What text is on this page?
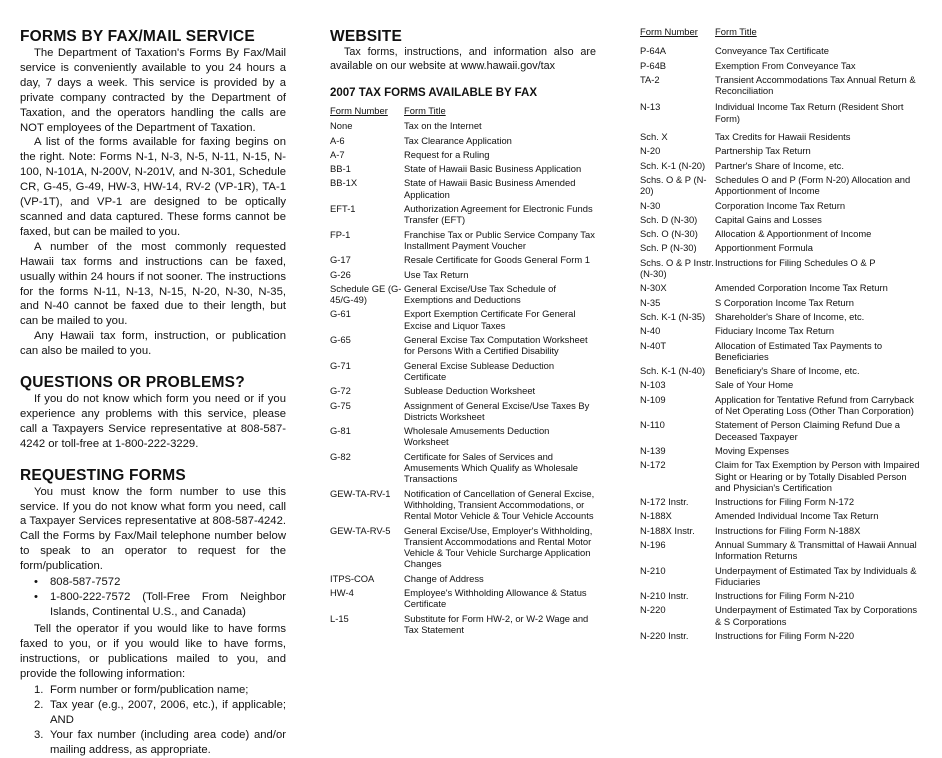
FORMS BY FAX/MAIL SERVICE

The Department of Taxation's Forms By Fax/Mail service is conveniently available to you 24 hours a day, 7 days a week. This service is provided by a private company contracted by the Department of Taxation, and the operators handling the calls are NOT employees of the Department of Taxation.

A list of the forms available for faxing begins on the right. Note: Forms N-1, N-3, N-5, N-11, N-15, N-100, N-101A, N-200V, N-201V, and N-301, Schedule CR, G-45, G-49, HW-3, HW-14, RV-2 (VP-1R), TA-1 (VP-1T), and VP-1 are designed to be optically scanned and data captured. These forms cannot be faxed, but can be mailed to you.

A number of the most commonly requested Hawaii tax forms and instructions can be faxed, usually within 24 hours if not sooner. The instructions for the forms N-11, N-13, N-15, N-20, N-30, N-35, and N-40 cannot be faxed due to their length, but can be mailed to you.

Any Hawaii tax form, instruction, or publication can also be mailed to you.

QUESTIONS OR PROBLEMS?

If you do not know which form you need or if you experience any problems with this service, please call a Taxpayers Service representative at 808-587-4242 or toll-free at 1-800-222-3229.

REQUESTING FORMS

You must know the form number to use this service. If you do not know what form you need, call a Taxpayer Services representative at 808-587-4242. Call the Forms by Fax/Mail telephone number below to speak to an operator to request for the form/publication.

• 808-587-7572
• 1-800-222-7572 (Toll-Free From Neighbor Islands, Continental U.S., and Canada)

Tell the operator if you would like to have forms faxed to you, or if you would like to have forms, instructions, or publications mailed to you, and provide the following information:

1. Form number or form/publication name;
2. Tax year (e.g., 2007, 2006, etc.), if applicable; AND
3. Your fax number (including area code) and/or mailing address, as appropriate.
WEBSITE

Tax forms, instructions, and information also are available on our website at www.hawaii.gov/tax

2007 TAX FORMS AVAILABLE BY FAX
Form Number	Form Title
None	Tax on the Internet
A-6	Tax Clearance Application
A-7	Request for a Ruling
BB-1	State of Hawaii Basic Business Application
BB-1X	State of Hawaii Basic Business Amended Application
EFT-1	Authorization Agreement for Electronic Funds Transfer (EFT)
FP-1	Franchise Tax or Public Service Company Tax Installment Payment Voucher
G-17	Resale Certificate for Goods General Form 1
G-26	Use Tax Return
Schedule GE (G-45/G-49)	General Excise/Use Tax Schedule of Exemptions and Deductions
G-61	Export Exemption Certificate For General Excise and Liquor Taxes
G-65	General Excise Tax Computation Worksheet for Persons With a Certified Disability
G-71	General Excise Sublease Deduction Certificate
G-72	Sublease Deduction Worksheet
G-75	Assignment of General Excise/Use Taxes By Districts Worksheet
G-81	Wholesale Amusements Deduction Worksheet
G-82	Certificate for Sales of Services and Amusements Which Qualify as Wholesale Transactions
GEW-TA-RV-1	Notification of Cancellation of General Excise, Withholding, Transient Accommodations, or Rental Motor Vehicle & Tour Vehicle Accounts
GEW-TA-RV-5	General Excise/Use, Employer's Withholding, Transient Accommodations and Rental Motor Vehicle & Tour Vehicle Surcharge Application Changes
ITPS-COA	Change of Address
HW-4	Employee's Withholding Allowance & Status Certificate
L-15	Substitute for Form HW-2, or W-2 Wage and Tax Statement
Form Number	Form Title
P-64A	Conveyance Tax Certificate
P-64B	Exemption From Conveyance Tax
TA-2	Transient Accommodations Tax Annual Return & Reconciliation
N-13	Individual Income Tax Return (Resident Short Form)
Sch. X	Tax Credits for Hawaii Residents
N-20	Partnership Tax Return
Sch. K-1 (N-20)	Partner's Share of Income, etc.
Schs. O & P (N-20)	Schedules O and P (Form N-20) Allocation and Apportionment of Income
N-30	Corporation Income Tax Return
Sch. D (N-30)	Capital Gains and Losses
Sch. O (N-30)	Allocation & Apportionment of Income
Sch. P (N-30)	Apportionment Formula
Schs. O & P Instr. (N-30)	Instructions for Filing Schedules O & P
N-30X	Amended Corporation Income Tax Return
N-35	S Corporation Income Tax Return
Sch. K-1 (N-35)	Shareholder's Share of Income, etc.
N-40	Fiduciary Income Tax Return
N-40T	Allocation of Estimated Tax Payments to Beneficiaries
Sch. K-1 (N-40)	Beneficiary's Share of Income, etc.
N-103	Sale of Your Home
N-109	Application for Tentative Refund from Carryback of Net Operating Loss (Other Than Corporation)
N-110	Statement of Person Claiming Refund Due a Deceased Taxpayer
N-139	Moving Expenses
N-172	Claim for Tax Exemption by Person with Impaired Sight or Hearing or by Totally Disabled Person and Physician's Certification
N-172 Instr.	Instructions for Filing Form N-172
N-188X	Amended Individual Income Tax Return
N-188X Instr.	Instructions for Filing Form N-188X
N-196	Annual Summary & Transmittal of Hawaii Annual Information Returns
N-210	Underpayment of Estimated Tax by Individuals & Fiduciaries
N-210 Instr.	Instructions for Filing Form N-210
N-220	Underpayment of Estimated Tax by Corporations & S Corporations
N-220 Instr.	Instructions for Filing Form N-220
